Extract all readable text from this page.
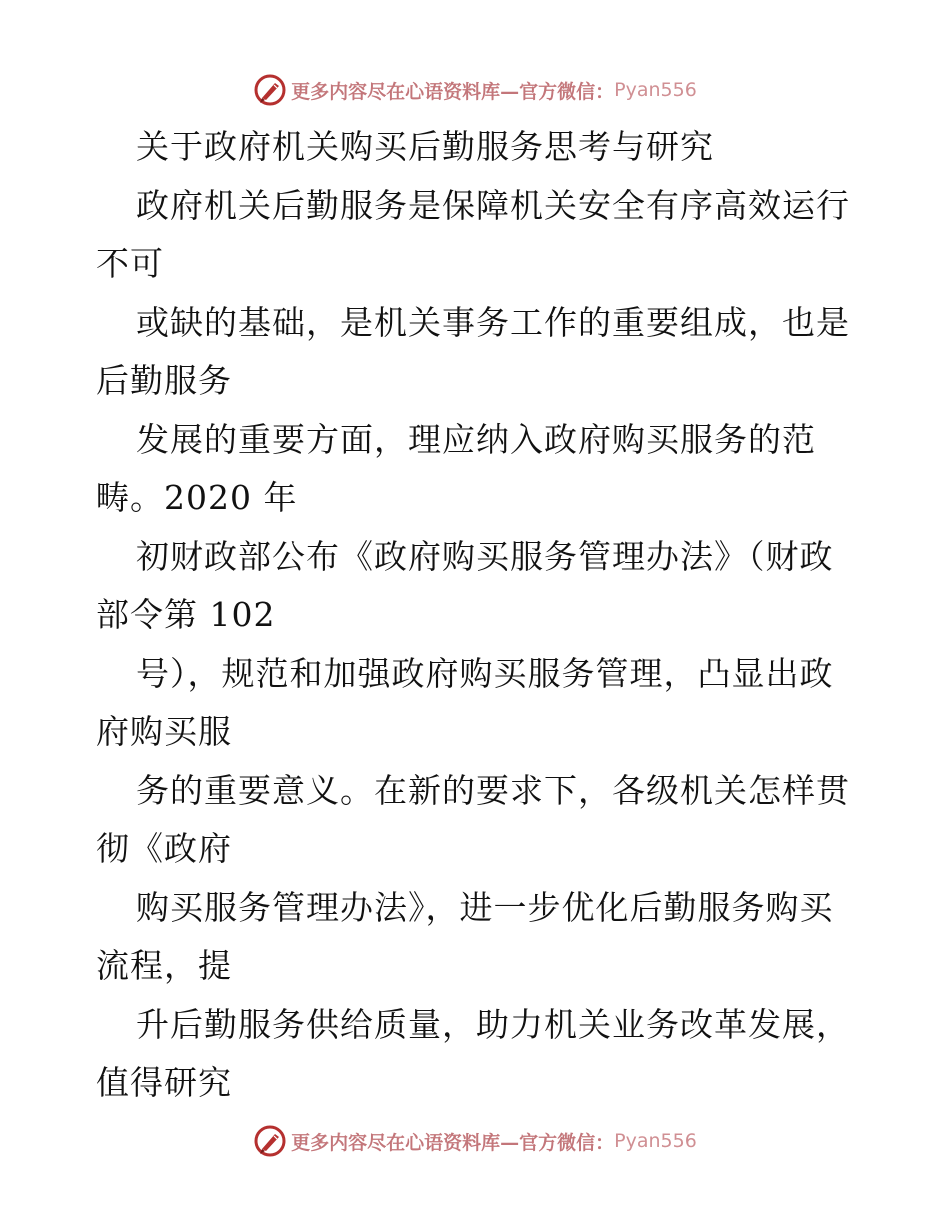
更多内容尽在心语资料库—官方微信： Pyan556
关于政府机关购买后勤服务思考与研究
政府机关后勤服务是保障机关安全有序高效运行
不可
或缺的基础，是机关事务工作的重要组成，也是
后勤服务
发展的重要方面，理应纳入政府购买服务的范
畴。2020 年
初财政部公布《政府购买服务管理办法》（财政
部令第 102
号），规范和加强政府购买服务管理，凸显出政
府购买服
务的重要意义。在新的要求下，各级机关怎样贯
彻《政府
购买服务管理办法》，进一步优化后勤服务购买
流程，提
升后勤服务供给质量，助力机关业务改革发展，
值得研究
更多内容尽在心语资料库—官方微信： Pyan556
